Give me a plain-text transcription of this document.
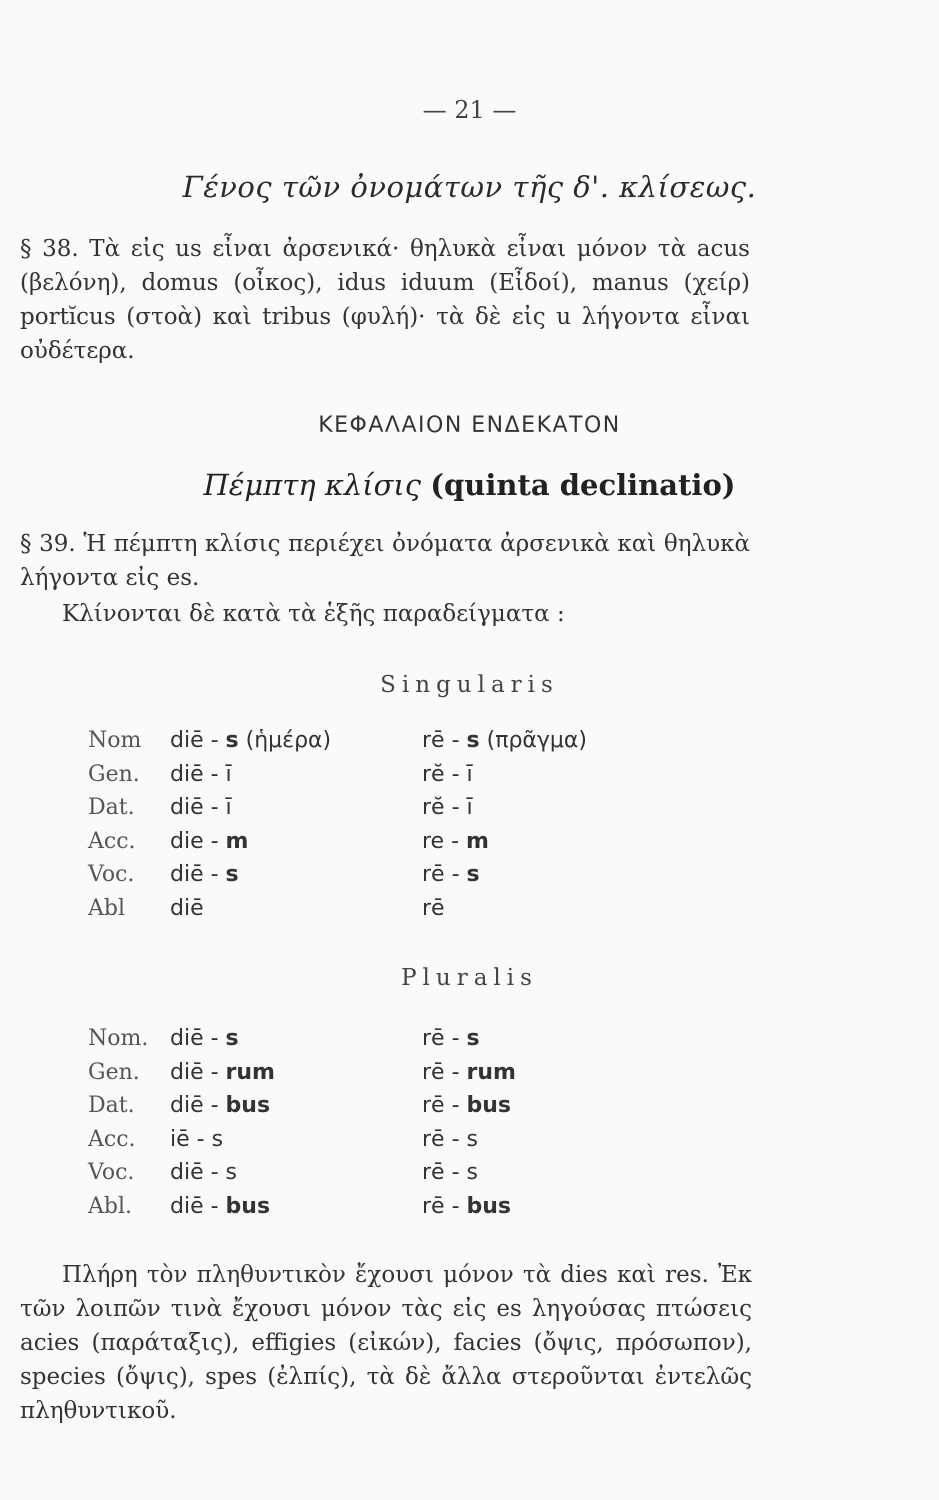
— 21 —
Γένος τῶν ὀνομάτων τῆς δ'. κλίσεως.

§ 38. Τὰ εἰς us εἶναι ἀρσενικά· θηλυκὰ εἶναι μόνον τὰ acus (βελόνη), domus (οἶκος), idus iduum (Εἶδοί), manus (χείρ) portĭcus (στοὰ) καὶ tribus (φυλή)· τὰ δὲ εἰς u λήγοντα εἶναι οὐδέτερα.

ΚΕΦΑΛΑΙΟΝ ΕΝΔΕΚΑΤΟΝ
Πέμπτη κλίσις (quinta declinatio)

§ 39. Ἡ πέμπτη κλίσις περιέχει ὀνόματα ἀρσενικὰ καὶ θηλυκὰ λήγοντα εἰς es.

Κλίνονται δὲ κατὰ τὰ ἑξῆς παραδείγματα :

Singularis
Nom	diē - s (ἡμέρα)	rē - s (πρᾶγμα)
Gen.	diē - ī	rĕ - ī
Dat.	diē - ī	rĕ - ī
Acc.	die - m	re - m
Voc.	diē - s	rē - s
Abl	diē	rē
Pluralis
Nom. diē - s	rē - s
Gen.	diē - rum	rē - rum
Dat.	diē - bus	rē - bus
Acc.	iē - s	rē - s
Voc.	diē - s	rē - s
Abl.	diē - bus	rē - bus

Πλήρη τὸν πληθυντικὸν ἔχουσι μόνον τὰ dies καὶ res. Ἐκ τῶν λοιπῶν τινὰ ἔχουσι μόνον τὰς εἰς es ληγούσας πτώσεις acies (παράταξις), effigies (εἰκών), facies (ὄψις, πρόσωπον), species (ὄψις), spes (ἐλπίς), τὰ δὲ ἄλλα στεροῦνται ἐντελῶς πληθυντικοῦ.
